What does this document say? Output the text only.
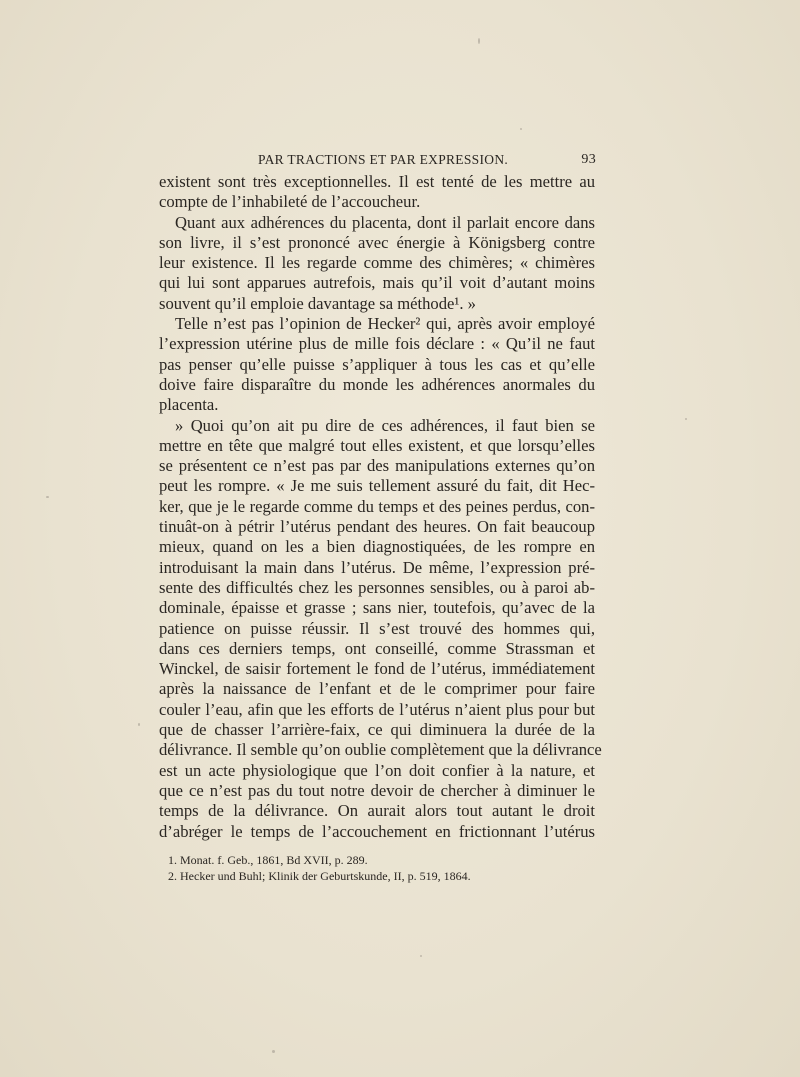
PAR TRACTIONS ET PAR EXPRESSION.	93
existent sont très exceptionnelles. Il est tenté de les mettre au
compte de l’inhabileté de l’accoucheur.
Quant aux adhérences du placenta, dont il parlait encore dans
son livre, il s’est prononcé avec énergie à Königsberg contre
leur existence. Il les regarde comme des chimères; « chimères
qui lui sont apparues autrefois, mais qu’il voit d’autant moins
souvent qu’il emploie davantage sa méthode¹. »
Telle n’est pas l’opinion de Hecker² qui, après avoir employé
l’expression utérine plus de mille fois déclare : « Qu’il ne faut
pas penser qu’elle puisse s’appliquer à tous les cas et qu’elle
doive faire disparaître du monde les adhérences anormales du
placenta.
» Quoi qu’on ait pu dire de ces adhérences, il faut bien se
mettre en tête que malgré tout elles existent, et que lorsqu’elles
se présentent ce n’est pas par des manipulations externes qu’on
peut les rompre. « Je me suis tellement assuré du fait, dit Hec-
ker, que je le regarde comme du temps et des peines perdus, con-
tinuât-on à pétrir l’utérus pendant des heures. On fait beaucoup
mieux, quand on les a bien diagnostiquées, de les rompre en
introduisant la main dans l’utérus. De même, l’expression pré-
sente des difficultés chez les personnes sensibles, ou à paroi ab-
dominale, épaisse et grasse ; sans nier, toutefois, qu’avec de la
patience on puisse réussir. Il s’est trouvé des hommes qui,
dans ces derniers temps, ont conseillé, comme Strassman et
Winckel, de saisir fortement le fond de l’utérus, immédiatement
après la naissance de l’enfant et de le comprimer pour faire
couler l’eau, afin que les efforts de l’utérus n’aient plus pour but
que de chasser l’arrière-faix, ce qui diminuera la durée de la
délivrance. Il semble qu’on oublie complètement que la délivrance
est un acte physiologique que l’on doit confier à la nature, et
que ce n’est pas du tout notre devoir de chercher à diminuer le
temps de la délivrance. On aurait alors tout autant le droit
d’abréger le temps de l’accouchement en frictionnant l’utérus
1. Monat. f. Geb., 1861, Bd XVII, p. 289.
2. Hecker und Buhl; Klinik der Geburtskunde, II, p. 519, 1864.
